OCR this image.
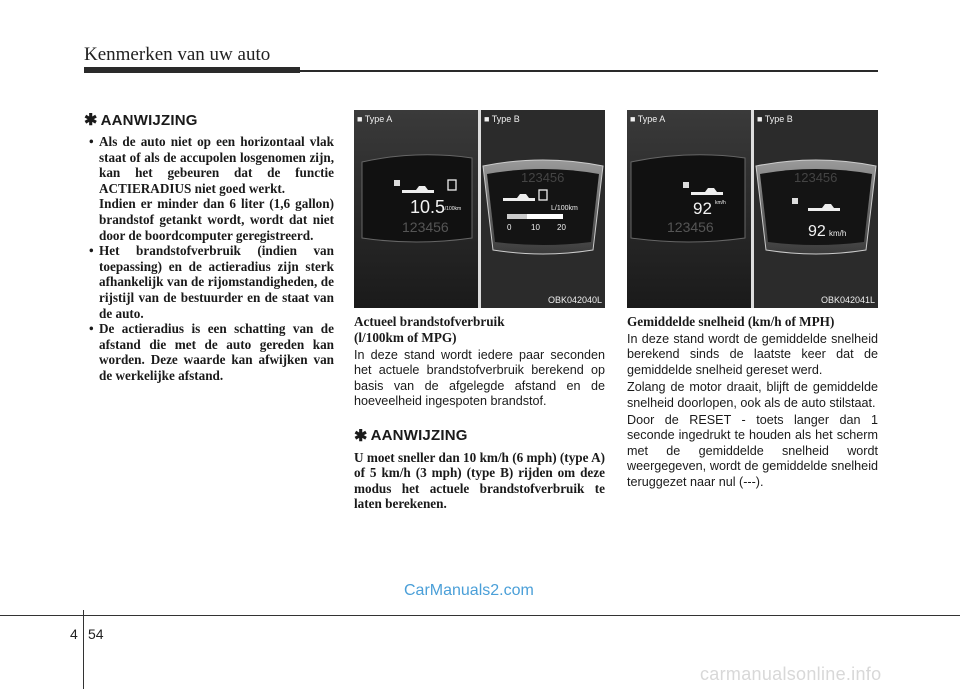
Kenmerken van uw auto
✱ AANWIJZING
• Als de auto niet op een horizontaal vlak staat of als de accupolen losgenomen zijn, kan het gebeuren dat de functie ACTIERADIUS niet goed werkt.

Indien er minder dan 6 liter (1,6 gallon) brandstof getankt wordt, wordt dat niet door de boordcomputer geregistreerd.

• Het brandstofverbruik (indien van toepassing) en de actieradius zijn sterk afhankelijk van de rijomstandigheden, de rijstijl van de bestuurder en de staat van de auto.
• De actieradius is een schatting van de afstand die met de auto gereden kan worden. Deze waarde kan afwijken van de werkelijke afstand.
10.5
L/100km
123456
■ Type A
123456
L/100km
0 10 20
■ Type B
OBK042040L
Actueel brandstofverbruik
(l/100km of MPG)

In deze stand wordt iedere paar seconden het actuele brandstofverbruik berekend op basis van de afgelegde afstand en de hoeveelheid ingespoten brandstof.

✱ AANWIJZING

U moet sneller dan 10 km/h (6 mph) (type A) of 5 km/h (3 mph) (type B) rijden om deze modus het actuele brandstofverbruik te laten berekenen.

92 km/h
123456
■ Type A
123456
92 km/h
■ Type B
OBK042041L
Gemiddelde snelheid (km/h of MPH)

In deze stand wordt de gemiddelde snelheid berekend sinds de laatste keer dat de gemiddelde snelheid gereset werd.

Zolang de motor draait, blijft de gemiddelde snelheid doorlopen, ook als de auto stilstaat.

Door de RESET - toets langer dan 1 seconde ingedrukt te houden als het scherm met de gemiddelde snelheid wordt weergegeven, wordt de gemiddelde snelheid teruggezet naar nul (---).

CarManuals2.com
4 54
carmanualsonline.info
